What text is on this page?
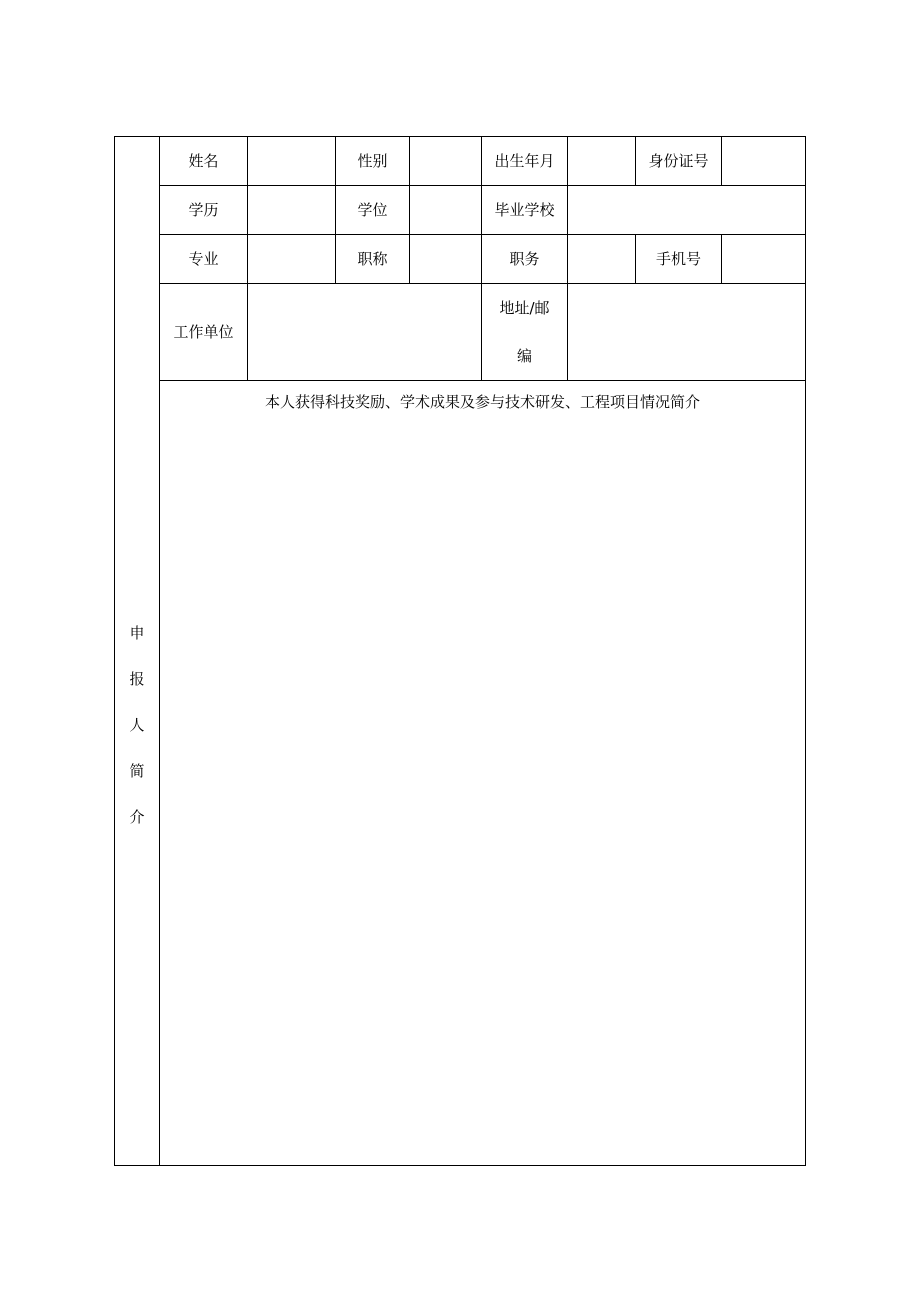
申
报
人
简
介	姓名		性别		出生年月		身份证号	
	学历		学位		毕业学校			
	专业		职称		职务		手机号	
	工作单位				地址/邮
编			

	本人获得科技奖励、学术成果及参与技术研发、工程项目情况简介							
